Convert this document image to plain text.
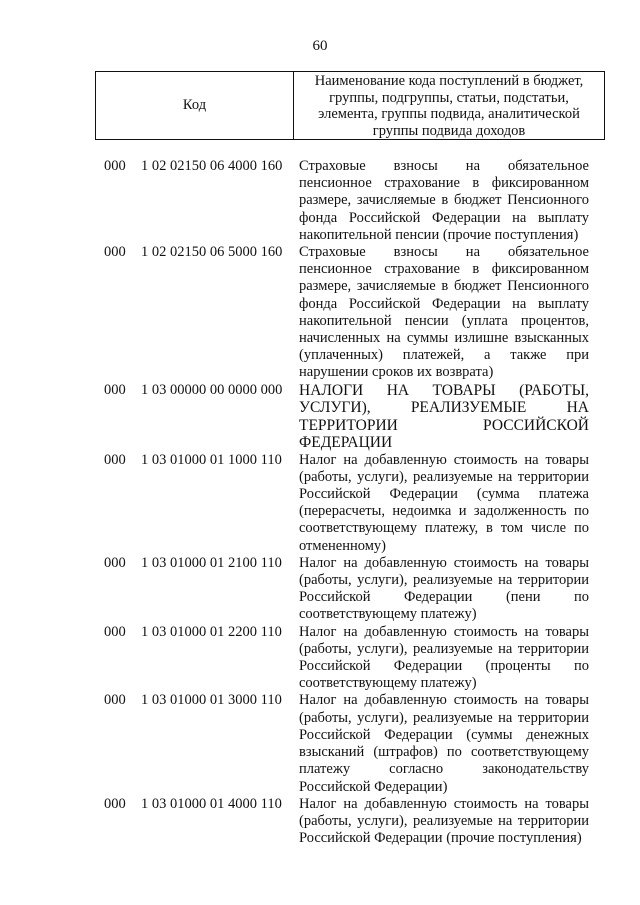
60
Код	Наименование кода поступлений в бюджет, группы, подгруппы, статьи, подстатьи, элемента, группы подвида, аналитической группы подвида доходов
000 1 02 02150 06 4000 160 Страховые взносы на обязательное пенсионное страхование в фиксированном размере, зачисляемые в бюджет Пенсионного фонда Российской Федерации на выплату накопительной пенсии (прочие поступления)
000 1 02 02150 06 5000 160 Страховые взносы на обязательное пенсионное страхование в фиксированном размере, зачисляемые в бюджет Пенсионного фонда Российской Федерации на выплату накопительной пенсии (уплата процентов, начисленных на суммы излишне взысканных (уплаченных) платежей, а также при нарушении сроков их возврата)
000 1 03 00000 00 0000 000 НАЛОГИ НА ТОВАРЫ (РАБОТЫ, УСЛУГИ), РЕАЛИЗУЕМЫЕ НА ТЕРРИТОРИИ РОССИЙСКОЙ ФЕДЕРАЦИИ
000 1 03 01000 01 1000 110 Налог на добавленную стоимость на товары (работы, услуги), реализуемые на территории Российской Федерации (сумма платежа (перерасчеты, недоимка и задолженность по соответствующему платежу, в том числе по отмененному)
000 1 03 01000 01 2100 110 Налог на добавленную стоимость на товары (работы, услуги), реализуемые на территории Российской Федерации (пени по соответствующему платежу)
000 1 03 01000 01 2200 110 Налог на добавленную стоимость на товары (работы, услуги), реализуемые на территории Российской Федерации (проценты по соответствующему платежу)
000 1 03 01000 01 3000 110 Налог на добавленную стоимость на товары (работы, услуги), реализуемые на территории Российской Федерации (суммы денежных взысканий (штрафов) по соответствующему платежу согласно законодательству Российской Федерации)
000 1 03 01000 01 4000 110 Налог на добавленную стоимость на товары (работы, услуги), реализуемые на территории Российской Федерации (прочие поступления)
